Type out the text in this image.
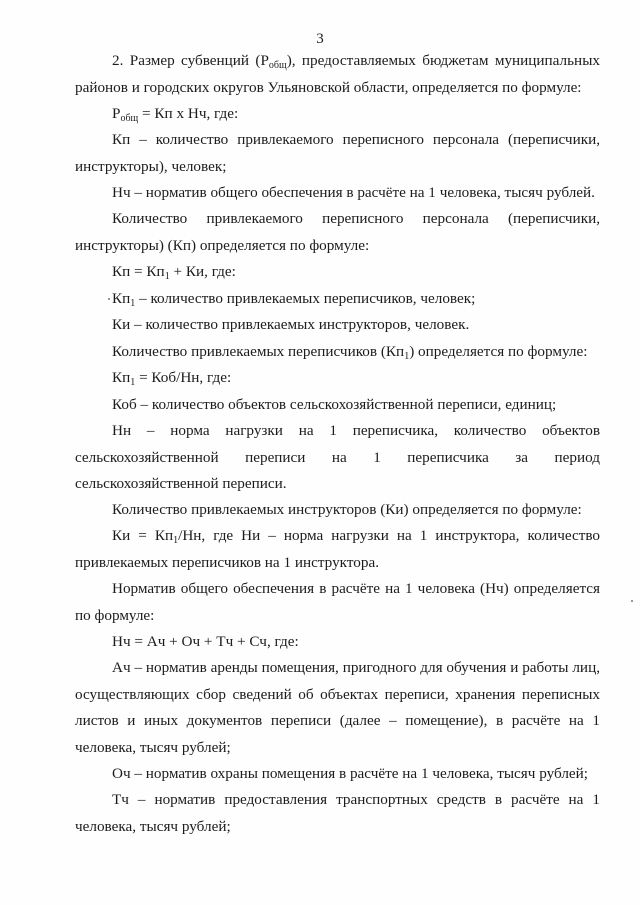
3

2. Размер субвенций $(Р_{общ})$, предоставляемых бюджетам муниципальных районов и городских округов Ульяновской области, определяется по формуле:

$Р_{общ}$ = Кп х Нч, где:

Кп – количество привлекаемого переписного персонала (переписчики, инструкторы), человек;

Нч – норматив общего обеспечения в расчёте на 1 человека, тысяч рублей.

Количество привлекаемого переписного персонала (переписчики, инструкторы) (Кп) определяется по формуле:

Кп = $Кп_1$ + Ки, где:

$Кп_1$ – количество привлекаемых переписчиков, человек;

Ки – количество привлекаемых инструкторов, человек.

Количество привлекаемых переписчиков $(Кп_1)$ определяется по формуле:

$Кп_1 = Коб/Нн$, где:

Коб – количество объектов сельскохозяйственной переписи, единиц;

Нн – норма нагрузки на 1 переписчика, количество объектов сельскохозяйственной переписи на 1 переписчика за период сельскохозяйственной переписи.

Количество привлекаемых инструкторов (Ки) определяется по формуле:

Ки = $Кп_1/Нн$, где Ни – норма нагрузки на 1 инструктора, количество привлекаемых переписчиков на 1 инструктора.

Норматив общего обеспечения в расчёте на 1 человека (Нч) определяется по формуле:

Нч = Ач + Оч + Тч + Сч, где:

Ач – норматив аренды помещения, пригодного для обучения и работы лиц, осуществляющих сбор сведений об объектах переписи, хранения переписных листов и иных документов переписи (далее – помещение), в расчёте на 1 человека, тысяч рублей;

Оч – норматив охраны помещения в расчёте на 1 человека, тысяч рублей;

Тч – норматив предоставления транспортных средств в расчёте на 1 человека, тысяч рублей;
